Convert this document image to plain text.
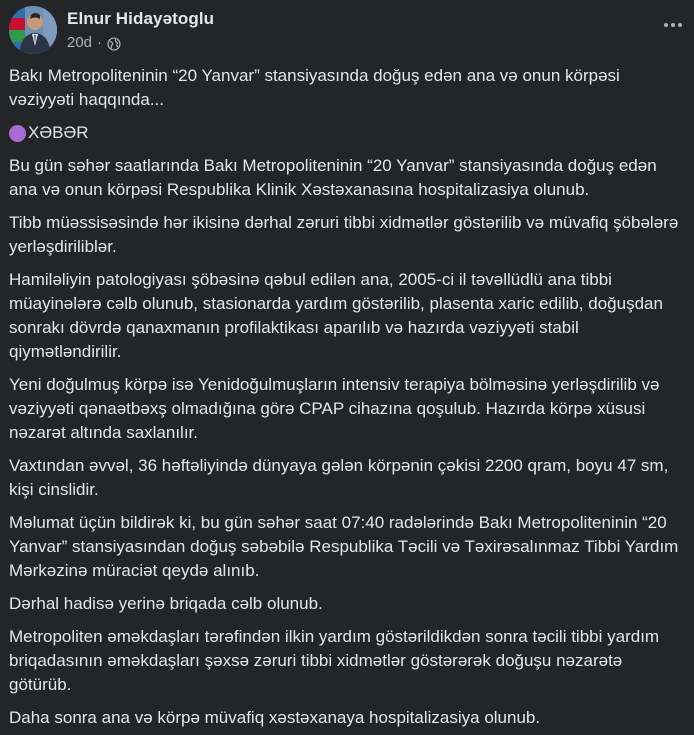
Elnur Hidayətoglu
20d ·

Bakı Metropoliteninin “20 Yanvar” stansiyasında doğuş edən ana və onun körpəsi vəziyyəti haqqında...

XƏBƏR

Bu gün səhər saatlarında Bakı Metropoliteninin “20 Yanvar” stansiyasında doğuş edən ana və onun körpəsi Respublika Klinik Xəstəxanasına hospitalizasiya olunub.

Tibb müəssisəsində hər ikisinə dərhal zəruri tibbi xidmətlər göstərilib və müvafiq şöbələrə yerləşdiriliblər.

Hamiləliyin patologiyası şöbəsinə qəbul edilən ana, 2005-ci il təvəllüdlü ana tibbi müayinələrə cəlb olunub, stasionarda yardım göstərilib, plasenta xaric edilib, doğuşdan sonrakı dövrdə qanaxmanın profilaktikası aparılıb və hazırda vəziyyəti stabil qiymətləndirilir.

Yeni doğulmuş körpə isə Yenidoğulmuşların intensiv terapiya bölməsinə yerləşdirilib və vəziyyəti qənaətbəxş olmadığına görə CPAP cihazına qoşulub. Hazırda körpə xüsusi nəzarət altında saxlanılır.

Vaxtından əvvəl, 36 həftəliyində dünyaya gələn körpənin çəkisi 2200 qram, boyu 47 sm, kişi cinslidir.

Məlumat üçün bildirək ki, bu gün səhər saat 07:40 radələrində Bakı Metropoliteninin “20 Yanvar” stansiyasından doğuş səbəbilə Respublika Təcili və Təxirəsalınmaz Tibbi Yardım Mərkəzinə müraciət qeydə alınıb.

Dərhal hadisə yerinə briqada cəlb olunub.

Metropoliten əməkdaşları tərəfindən ilkin yardım göstərildikdən sonra təcili tibbi yardım briqadasının əməkdaşları şəxsə zəruri tibbi xidmətlər göstərərək doğuşu nəzarətə götürüb.

Daha sonra ana və körpə müvafiq xəstəxanaya hospitalizasiya olunub.
